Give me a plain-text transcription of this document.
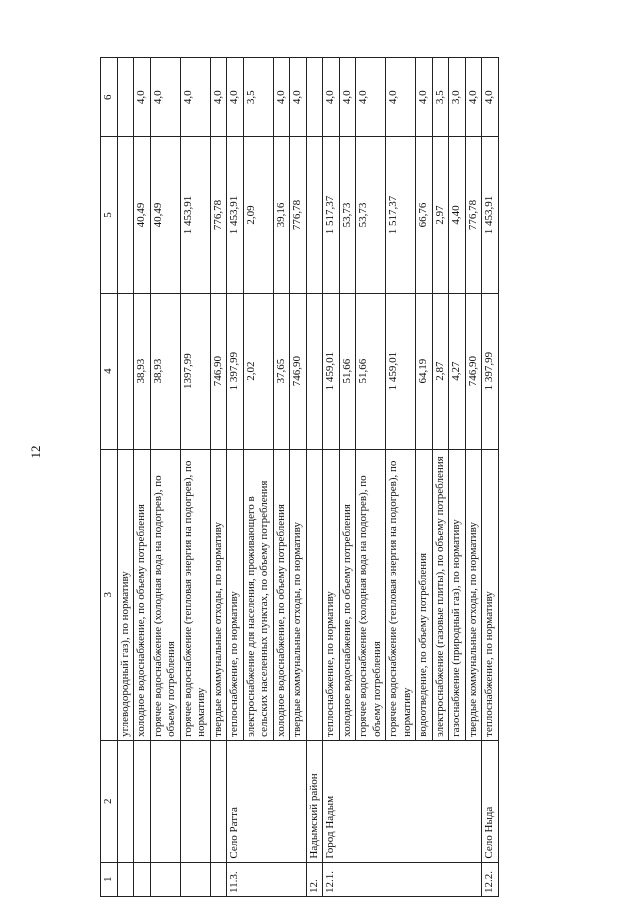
12
1	2	3	4	5	6
		углеводородный газ), по нормативу			
		холодное водоснабжение, по объему потребления	38,93	40,49	4,0
		горячее водоснабжение (холодная вода на подогрев), по объему потребления	38,93	40,49	4,0
		горячее водоснабжение (тепловая энергия на подогрев), по нормативу	1397,99	1 453,91	4,0
		твердые коммунальные отходы, по нормативу	746,90	776,78	4,0
11.3.	Село Ратта	теплоснабжение, по нормативу	1 397,99	1 453,91	4,0
		электроснабжение для населения, проживающего в сельских населенных пунктах, по объему потребления	2,02	2,09	3,5
		холодное водоснабжение, по объему потребления	37,65	39,16	4,0
		твердые коммунальные отходы, по нормативу	746,90	776,78	4,0
12.	Надымский район				
12.1.	Город Надым	теплоснабжение, по нормативу	1 459,01	1 517,37	4,0
		холодное водоснабжение, по объему потребления	51,66	53,73	4,0
		горячее водоснабжение (холодная вода на подогрев), по объему потребления	51,66	53,73	4,0
		горячее водоснабжение (тепловая энергия на подогрев), по нормативу	1 459,01	1 517,37	4,0
		водоотведение, по объему потребления	64,19	66,76	4,0
		электроснабжение (газовые плиты), по объему потребления	2,87	2,97	3,5
		газоснабжение (природный газ), по нормативу	4,27	4,40	3,0
		твердые коммунальные отходы, по нормативу	746,90	776,78	4,0
12.2.	Село Ныда	теплоснабжение, по нормативу	1 397,99	1 453,91	4,0
